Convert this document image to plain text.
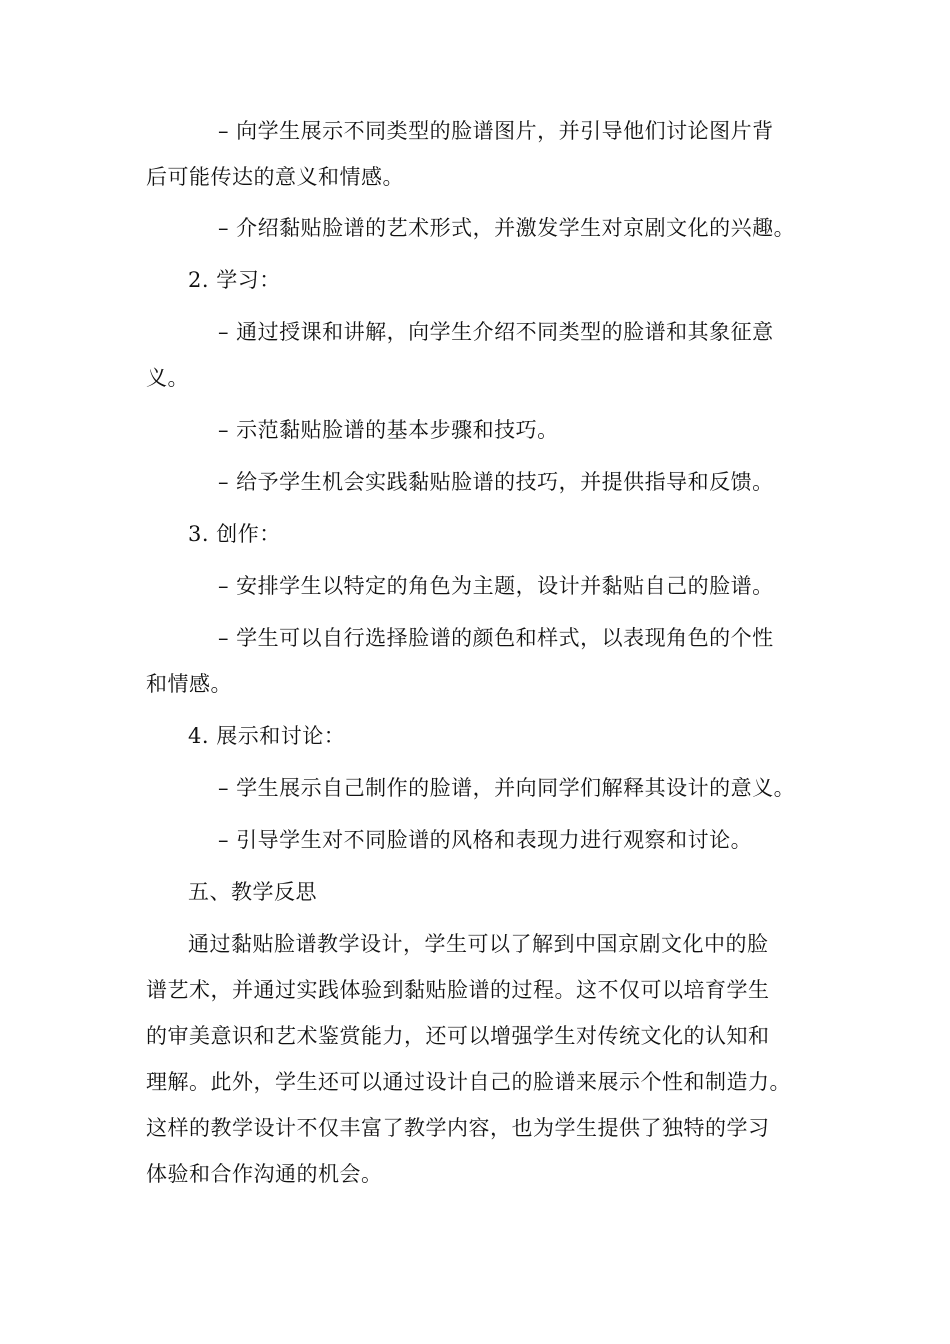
– 向学生展示不同类型的脸谱图片，并引导他们讨论图片背
后可能传达的意义和情感。
– 介绍黏贴脸谱的艺术形式，并激发学生对京剧文化的兴趣。
2. 学习：
– 通过授课和讲解，向学生介绍不同类型的脸谱和其象征意
义。
– 示范黏贴脸谱的基本步骤和技巧。
– 给予学生机会实践黏贴脸谱的技巧，并提供指导和反馈。
3. 创作：
– 安排学生以特定的角色为主题，设计并黏贴自己的脸谱。
– 学生可以自行选择脸谱的颜色和样式，以表现角色的个性
和情感。
4. 展示和讨论：
– 学生展示自己制作的脸谱，并向同学们解释其设计的意义。
– 引导学生对不同脸谱的风格和表现力进行观察和讨论。
五、教学反思
通过黏贴脸谱教学设计，学生可以了解到中国京剧文化中的脸
谱艺术，并通过实践体验到黏贴脸谱的过程。这不仅可以培育学生
的审美意识和艺术鉴赏能力，还可以增强学生对传统文化的认知和
理解。此外，学生还可以通过设计自己的脸谱来展示个性和制造力。
这样的教学设计不仅丰富了教学内容，也为学生提供了独特的学习
体验和合作沟通的机会。
